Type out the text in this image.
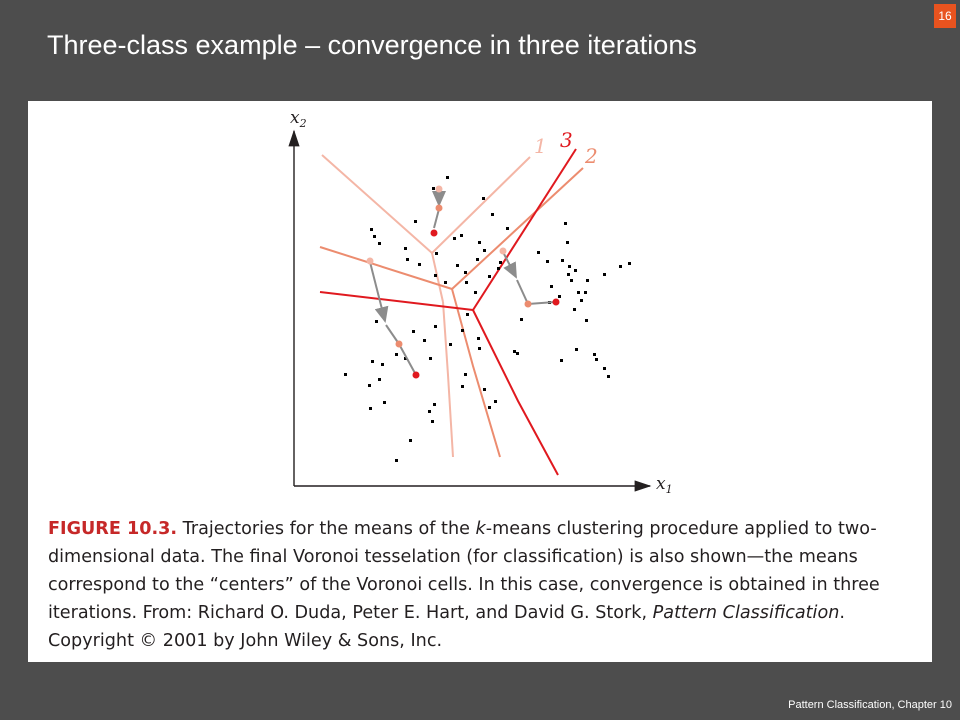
16
Three-class example – convergence in three iterations
$x_2$
$x_1$
1 3
2

FIGURE 10.3. Trajectories for the means of the k-means clustering procedure applied to two-dimensional data. The final Voronoi tesselation (for classification) is also shown—the means correspond to the “centers” of the Voronoi cells. In this case, convergence is obtained in three iterations. From: Richard O. Duda, Peter E. Hart, and David G. Stork, Pattern Classification. Copyright © 2001 by John Wiley & Sons, Inc.

Pattern Classification, Chapter 10
